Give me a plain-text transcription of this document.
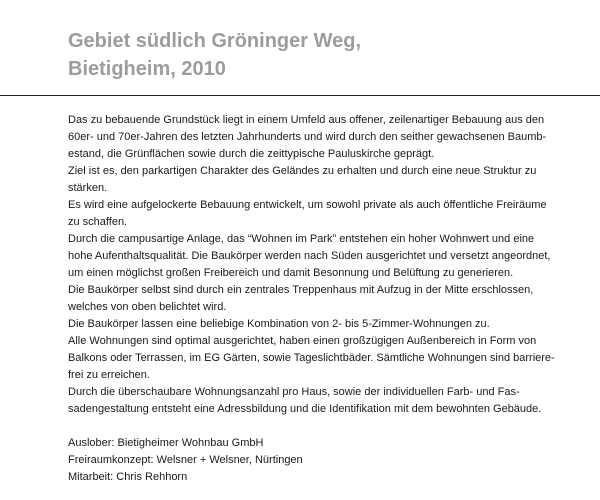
Gebiet südlich Gröninger Weg,
Bietigheim, 2010
Das zu bebauende Grundstück liegt in einem Umfeld aus offener, zeilenartiger Bebauung aus den
60er- und 70er-Jahren des letzten Jahrhunderts und wird durch den seither gewachsenen Baumb-
estand, die Grünflächen sowie durch die zeittypische Pauluskirche geprägt.
Ziel ist es, den parkartigen Charakter des Geländes zu erhalten und durch eine neue Struktur zu
stärken.
Es wird eine aufgelockerte Bebauung entwickelt, um sowohl private als auch öffentliche Freiräume
zu schaffen.
Durch die campusartige Anlage, das “Wohnen im Park” entstehen ein hoher Wohnwert und eine
hohe Aufenthaltsqualität. Die Baukörper werden nach Süden ausgerichtet und versetzt angeordnet,
um einen möglichst großen Freibereich und damit Besonnung und Belüftung zu generieren.
Die Baukörper selbst sind durch ein zentrales Treppenhaus mit Aufzug in der Mitte erschlossen,
welches von oben belichtet wird.
Die Baukörper lassen eine beliebige Kombination von 2- bis 5-Zimmer-Wohnungen zu.
Alle Wohnungen sind optimal ausgerichtet, haben einen großzügigen Außenbereich in Form von
Balkons oder Terrassen, im EG Gärten, sowie Tageslichtbäder. Sämtliche Wohnungen sind barriere-
frei zu erreichen.
Durch die überschaubare Wohnungsanzahl pro Haus, sowie der individuellen Farb- und Fas-
sadengestaltung entsteht eine Adressbildung und die Identifikation mit dem bewohnten Gebäude.
Auslober: Bietigheimer Wohnbau GmbH
Freiraumkonzept: Welsner + Welsner, Nürtingen
Mitarbeit: Chris Rehhorn
